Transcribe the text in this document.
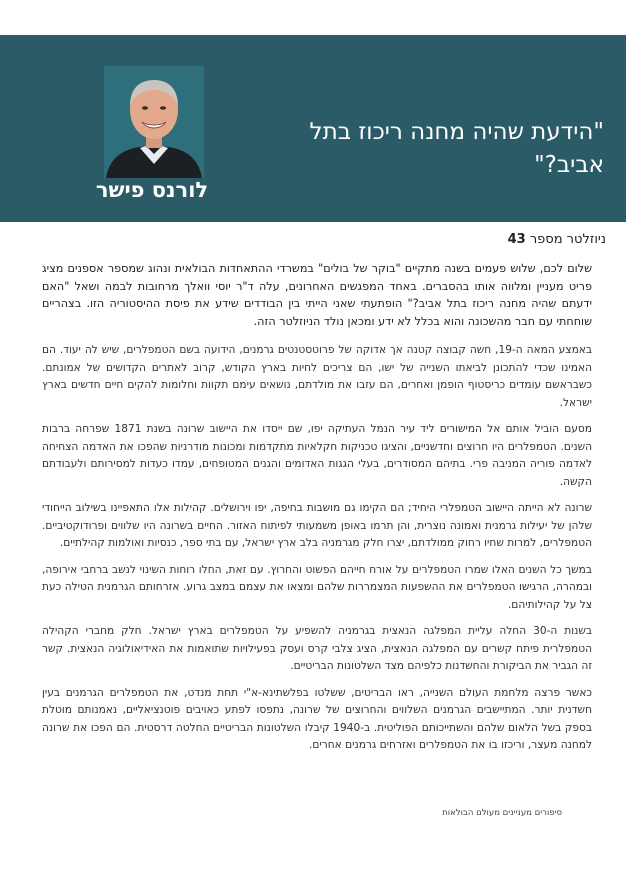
לורנס פישר
"הידעת שהיה מחנה ריכוז בתל אביב?"
ניוזלטר מספר 43

שלום לכם, שלוש פעמים בשנה מתקיים "בוקר של בולים" במשרדי ההתאחדות הבולאית ונהוג שמספר אספנים מציג פריט מעניין ומלווה אותו בהסברים. באחד המפגשים האחרונים, עלה ד"ר יוסי וואלך מרחובות לבמה ושאל "האם ידעתם שהיה מחנה ריכוז בתל אביב?" הופתעתי שאני הייתי בין הבודדים שידע את פיסת ההיסטוריה הזו. בצהריים שוחחתי עם חבר מהשכונה והוא בכלל לא ידע ומכאן נולד הניוזלטר הזה.

באמצע המאה ה-19, חשה קבוצה קטנה אך אדוקה של פרוטסטנטים גרמנים, הידועה בשם הטמפלרים, שיש לה יעוד. הם האמינו שכדי להתכונן לביאתו השנייה של ישו, הם צריכים לחיות בארץ הקודש, קרוב לאתרים הקדושים של אמונתם. כשבראשם עומדים כריסטוף הופמן ואחרים, הם עזבו את מולדתם, נושאים עימם תקוות וחלומות להקים חיים חדשים בארץ ישראל.

מסעם הוביל אותם אל המישורים ליד עיר הנמל העתיקה יפו, שם ייסדו את היישוב שרונה בשנת 1871 שפרחה ברבות השנים. הטמפלרים היו חרוצים וחדשניים, והציגו טכניקות חקלאיות מתקדמות ומכונות מודרניות שהפכו את האדמה הצחיחה לאדמה פוריה המניבה פרי. בתיהם המסודרים, בעלי הגגות האדומים והגנים המטופחים, עמדו כעדות למסירותם ולעבודתם הקשה.

שרונה לא הייתה היישוב הטמפלרי היחיד; הם הקימו גם מושבות בחיפה, יפו וירושלים. קהילות אלו התאפיינו בשילוב הייחודי שלהן של יעילות גרמנית ואמונה נוצרית, והן תרמו באופן משמעותי לפיתוח האזור. החיים בשרונה היו שלווים ופרודוקטיביים. הטמפלרים, למרות שחיו רחוק ממולדתם, יצרו חלק מגרמניה בלב ארץ ישראל, עם בתי ספר, כנסיות ואולמות קהילתיים.

במשך כל השנים האלו שמרו הטמפלרים על אורח חייהם הפשוט והחרוץ. עם זאת, החלו רוחות השינוי לנשב ברחבי אירופה, ובמהרה, הרגישו הטמפלרים את ההשפעות המצמררות שלהם ומצאו את עצמם במצב גרוע. אזרחותם הגרמנית הטילה כעת צל על קהילותיהם.

בשנות ה-30 החלה עליית המפלגה הנאצית בגרמניה להשפיע על הטמפלרים בארץ ישראל. חלק מחברי הקהילה הטמפלרית פיתח קשרים עם המפלגה הנאצית, הציג צלבי קרס ועסק בפעילויות שתואמות את האידיאולוגיה הנאצית. קשר זה הגביר את הביקורת והחשדנות כלפיהם מצד השלטונות הבריטיים.

כאשר פרצה מלחמת העולם השנייה, ראו הבריטים, ששלטו בפלשתינא-א"י תחת מנדט, את הטמפלרים הגרמנים בעין חשדנית יותר. המתיישבים הגרמנים השלווים והחרוצים של שרונה, נתפסו לפתע כאויבים פוטנציאליים, נאמנותם מוטלת בספק בשל הלאום שלהם והשתייכותם הפוליטית. ב-1940 קיבלו השלטונות הבריטיים החלטה דרסטית. הם הפכו את שרונה למחנה מעצר, וריכזו בו את הטמפלרים ואזרחים גרמנים אחרים.

סיפורים מעניינים מעולם הבולאות
